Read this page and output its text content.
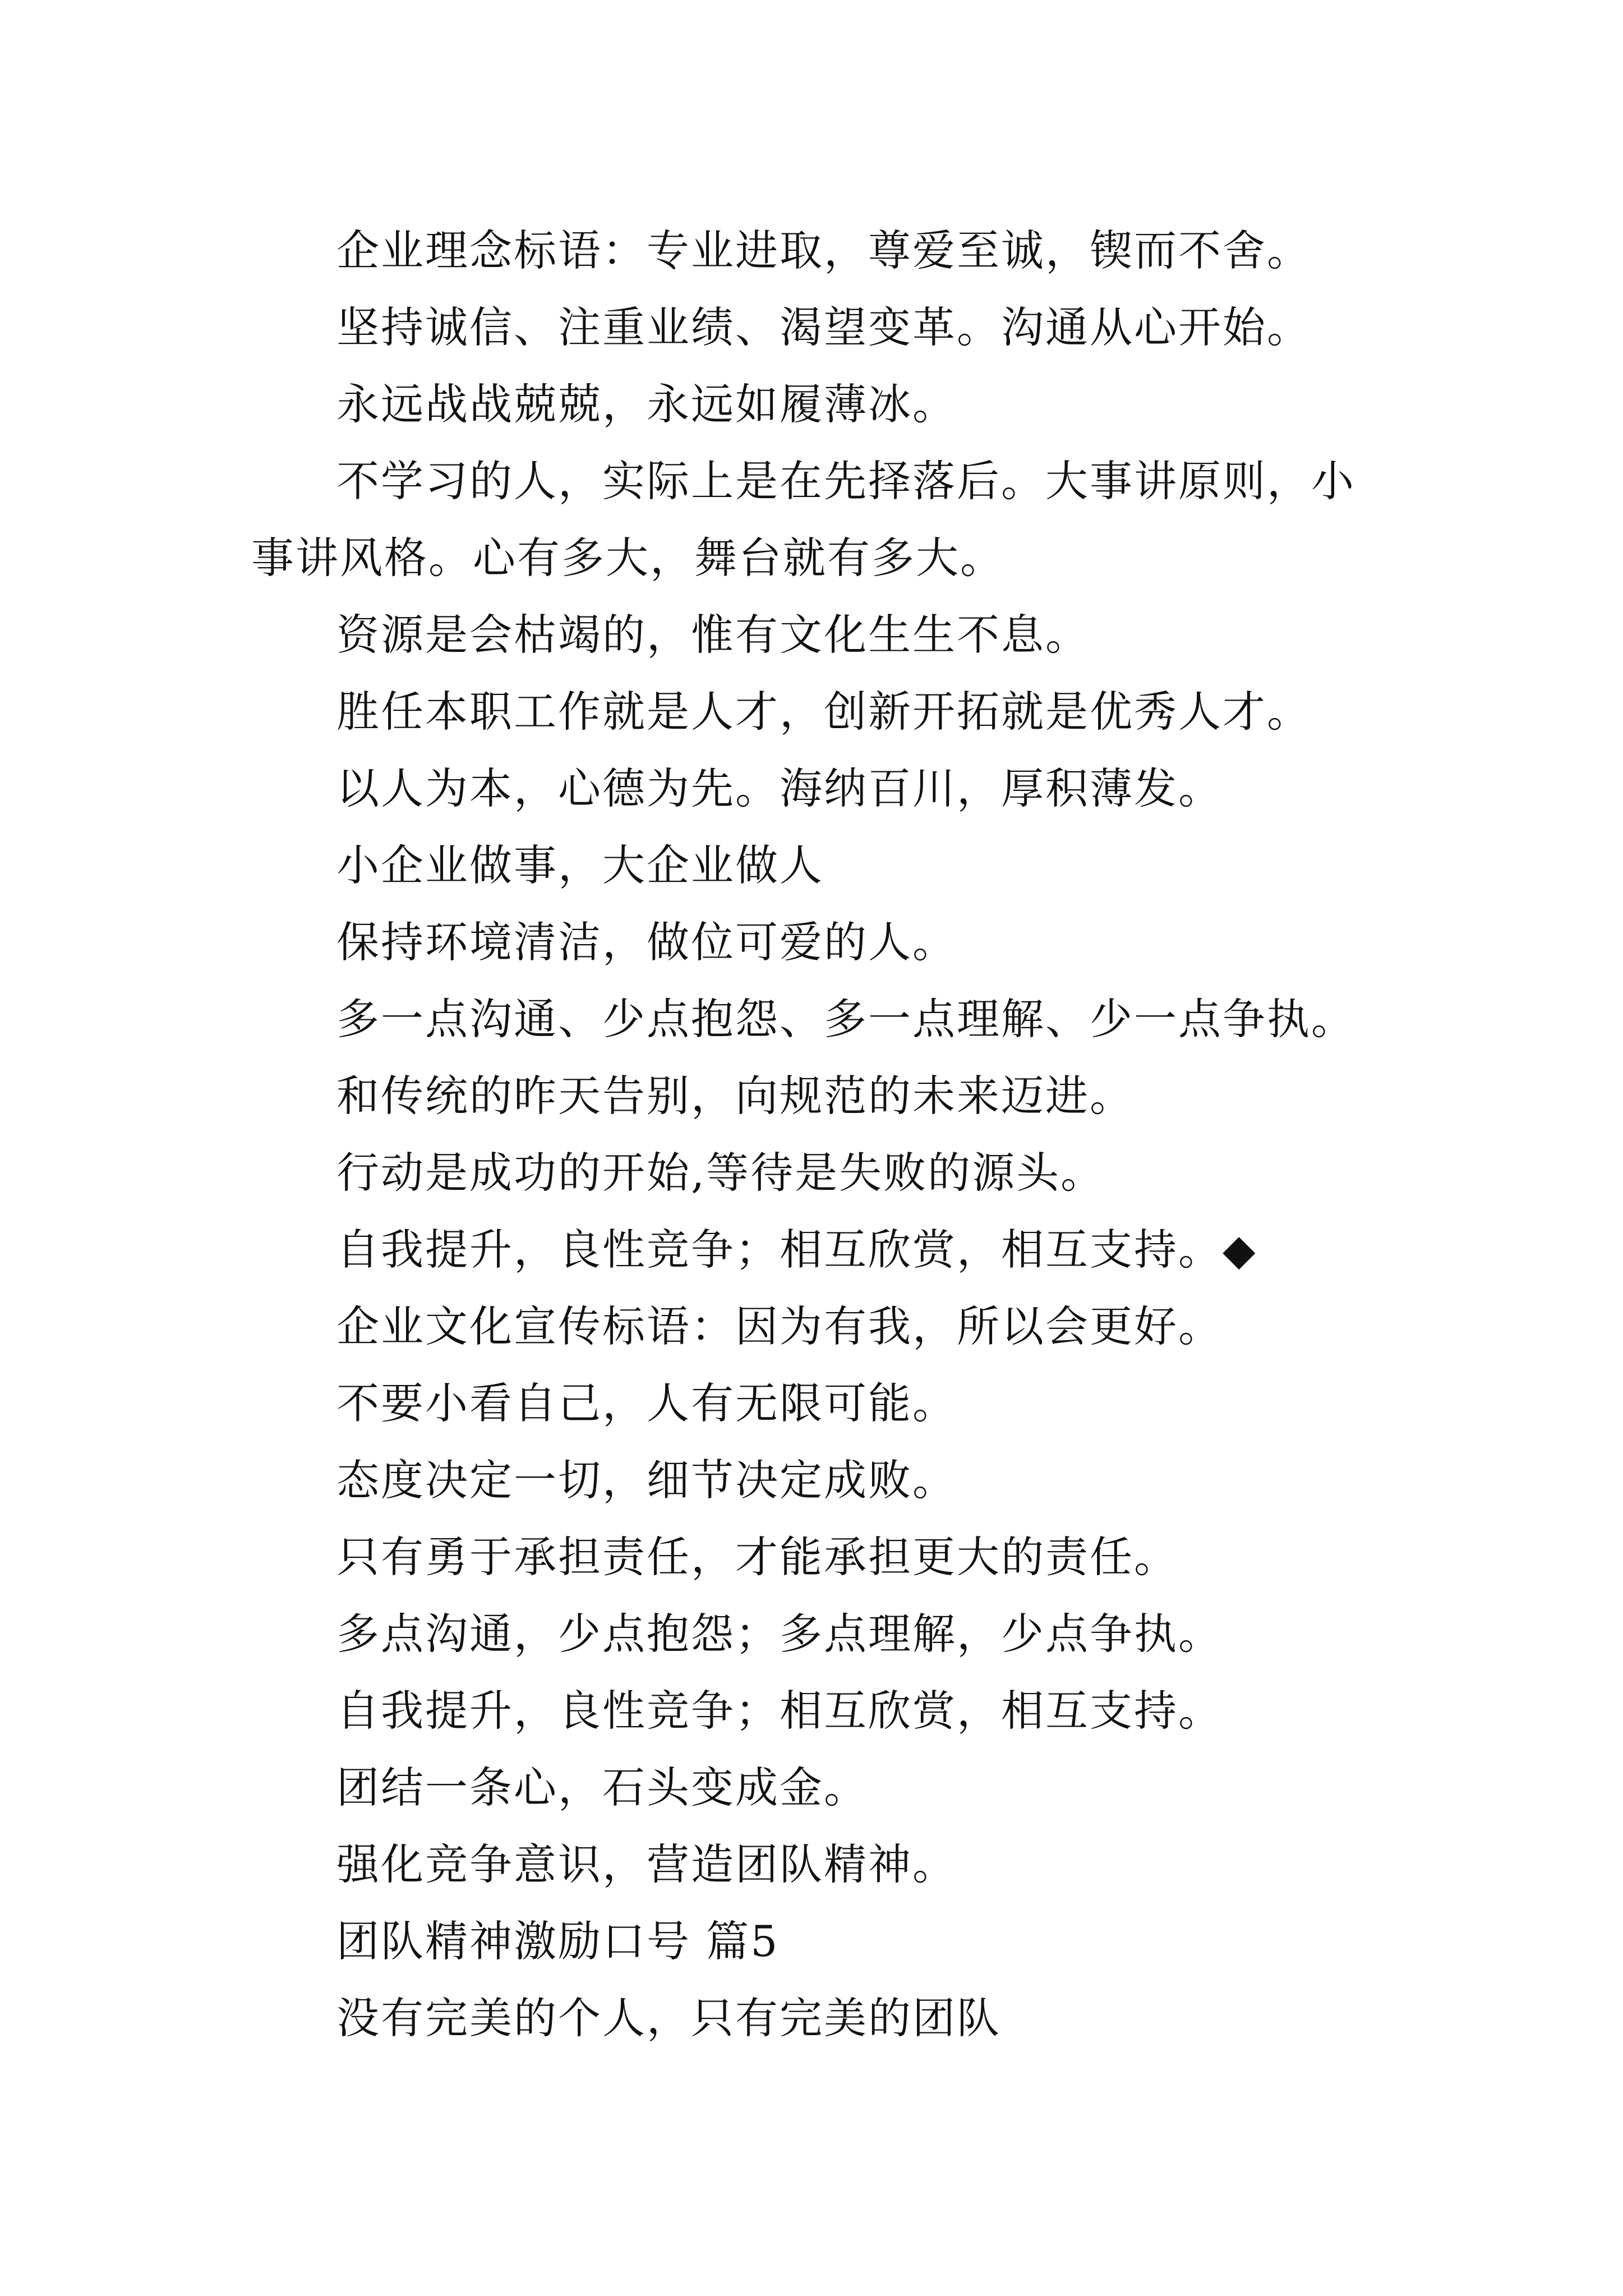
企业理念标语：专业进取，尊爱至诚，锲而不舍。

坚持诚信、注重业绩、渴望变革。沟通从心开始。

永远战战兢兢，永远如履薄冰。

不学习的人，实际上是在先择落后。大事讲原则，小事讲风格。心有多大，舞台就有多大。

资源是会枯竭的，惟有文化生生不息。

胜任本职工作就是人才，创新开拓就是优秀人才。

以人为本，心德为先。海纳百川，厚积薄发。

小企业做事，大企业做人

保持环境清洁，做位可爱的人。

多一点沟通、少点抱怨、多一点理解、少一点争执。

和传统的昨天告别，向规范的未来迈进。

行动是成功的开始,等待是失败的源头。

自我提升，良性竞争；相互欣赏，相互支持。◆

企业文化宣传标语：因为有我，所以会更好。

不要小看自己，人有无限可能。

态度决定一切，细节决定成败。

只有勇于承担责任，才能承担更大的责任。

多点沟通，少点抱怨；多点理解，少点争执。

自我提升，良性竞争；相互欣赏，相互支持。

团结一条心，石头变成金。

强化竞争意识，营造团队精神。

团队精神激励口号 篇5

没有完美的个人，只有完美的团队
